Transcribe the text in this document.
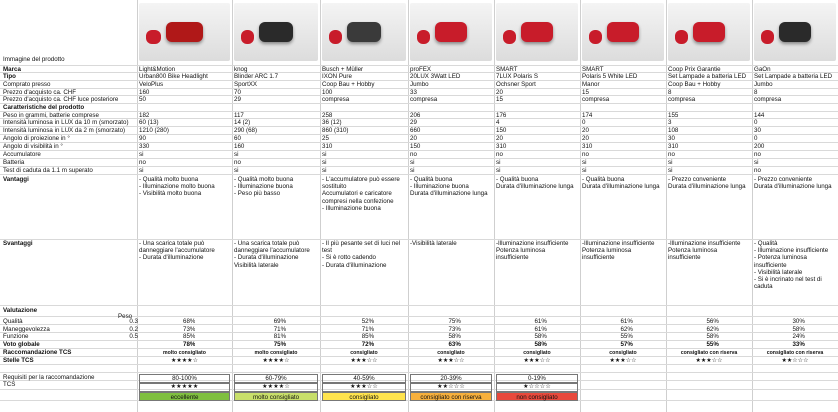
Immagine del prodotto
Marca
Tipo
Comprato presso
Prezzo d'acquisto ca. CHF
Prezzo d'acquisto ca. CHF luce posteriore
Caratteristiche del prodotto
Peso in grammi, batterie comprese
Intensità luminosa in LUX da 10 m (smorzato)
Intensità luminosa in LUX da 2 m (smorzato)
Angolo di proiezione in °
Angolo di visibilità in °
Accumulatore
Batteria
Test di caduta da 1.1 m superato
Vantaggi
Svantaggi
Valutazione
Qualità
Maneggevolezza
Funzione
Voto globale
Raccomandazione TCS
Stelle TCS
Peso
0.3
0.2
0.5
Requisiti per la raccomandazione TCS
Light&Motion
Urban800 Bike Headlight
VeloPlus
160
50
182
60 (13)
1210 (280)
90
330
si
no
si
- Qualità molto buona
- Illuminazione molto buona
- Visibilità molto buona
- Una scarica totale può danneggiare l'accumulatore
- Durata d'illuminazione
68%
73%
85%
78%
molto consigliato
★★★★☆
knog
Blinder ARC 1.7
SportXX
70
29
117
14 (2)
290 (68)
60
160
si
no
si
- Qualità molto buona
- Illuminazione buona
- Peso più basso
- Una scarica totale può danneggiare l'accumulatore
- Durata d'illuminazione
Visibilità laterale
69%
71%
81%
75%
molto consigliato
★★★★☆
Busch + Müller
IXON Pure
Coop Bau + Hobby
100
compresa
258
36 (12)
860 (310)
25
310
si
si
si
- L'accumulatore può essere sostituito
Accumulatori e caricatore compresi nella confezione
- Illuminazione buona
- Il più pesante set di luci nel test
- Si è rotto cadendo
- Durata d'illuminazione
52%
71%
85%
72%
consigliato
★★★☆☆
proFEX
20LUX 3Watt LED
Jumbo
33
compresa
206
29
660
20
150
no
si
si
- Qualità buona
- Illuminazione buona
Durata d'illuminazione lunga
-Visibilità laterale
75%
73%
58%
63%
consigliato
★★★☆☆
SMART
7LUX Polaris S
Ochsner Sport
20
15
176
4
150
20
310
no
si
si
- Qualità buona
Durata d'illuminazione lunga
-Illuminazione insufficiente
Potenza luminosa insufficiente
61%
61%
58%
58%
consigliato
★★★☆☆
SMART
Polaris 5 White LED
Manor
15
compresa
174
0
20
20
310
no
si
si
- Qualità buona
Durata d'illuminazione lunga
-Illuminazione insufficiente
Potenza luminosa insufficiente
61%
62%
55%
57%
consigliato
★★★☆☆
Coop Prix Garantie
Set Lampade a batteria LED
Coop Bau + Hobby
8
compresa
155
3
108
30
310
no
si
si
- Prezzo conveniente
Durata d'illuminazione lunga
-Illuminazione insufficiente
Potenza luminosa insufficiente
56%
62%
58%
55%
consigliato con riserva
★★★☆☆
GaOn
Set Lampade a batteria LED
Jumbo
8
compresa
144
0
30
0
200
no
si
no
- Prezzo conveniente
Durata d'illuminazione lunga
- Qualità
- Illuminazione insufficiente
- Potenza luminosa insufficiente
- Visibilità laterale
- Si è incrinato nel test di caduta
30%
58%
24%
33%
consigliato con riserva
★★☆☆☆
80-100%
★★★★★
eccellente
60-79%
★★★★☆
molto consigliato
40-59%
★★★☆☆
consigliato
20-39%
★★☆☆☆
consigliato con riserva
0-19%
★☆☆☆☆
non consigliato
